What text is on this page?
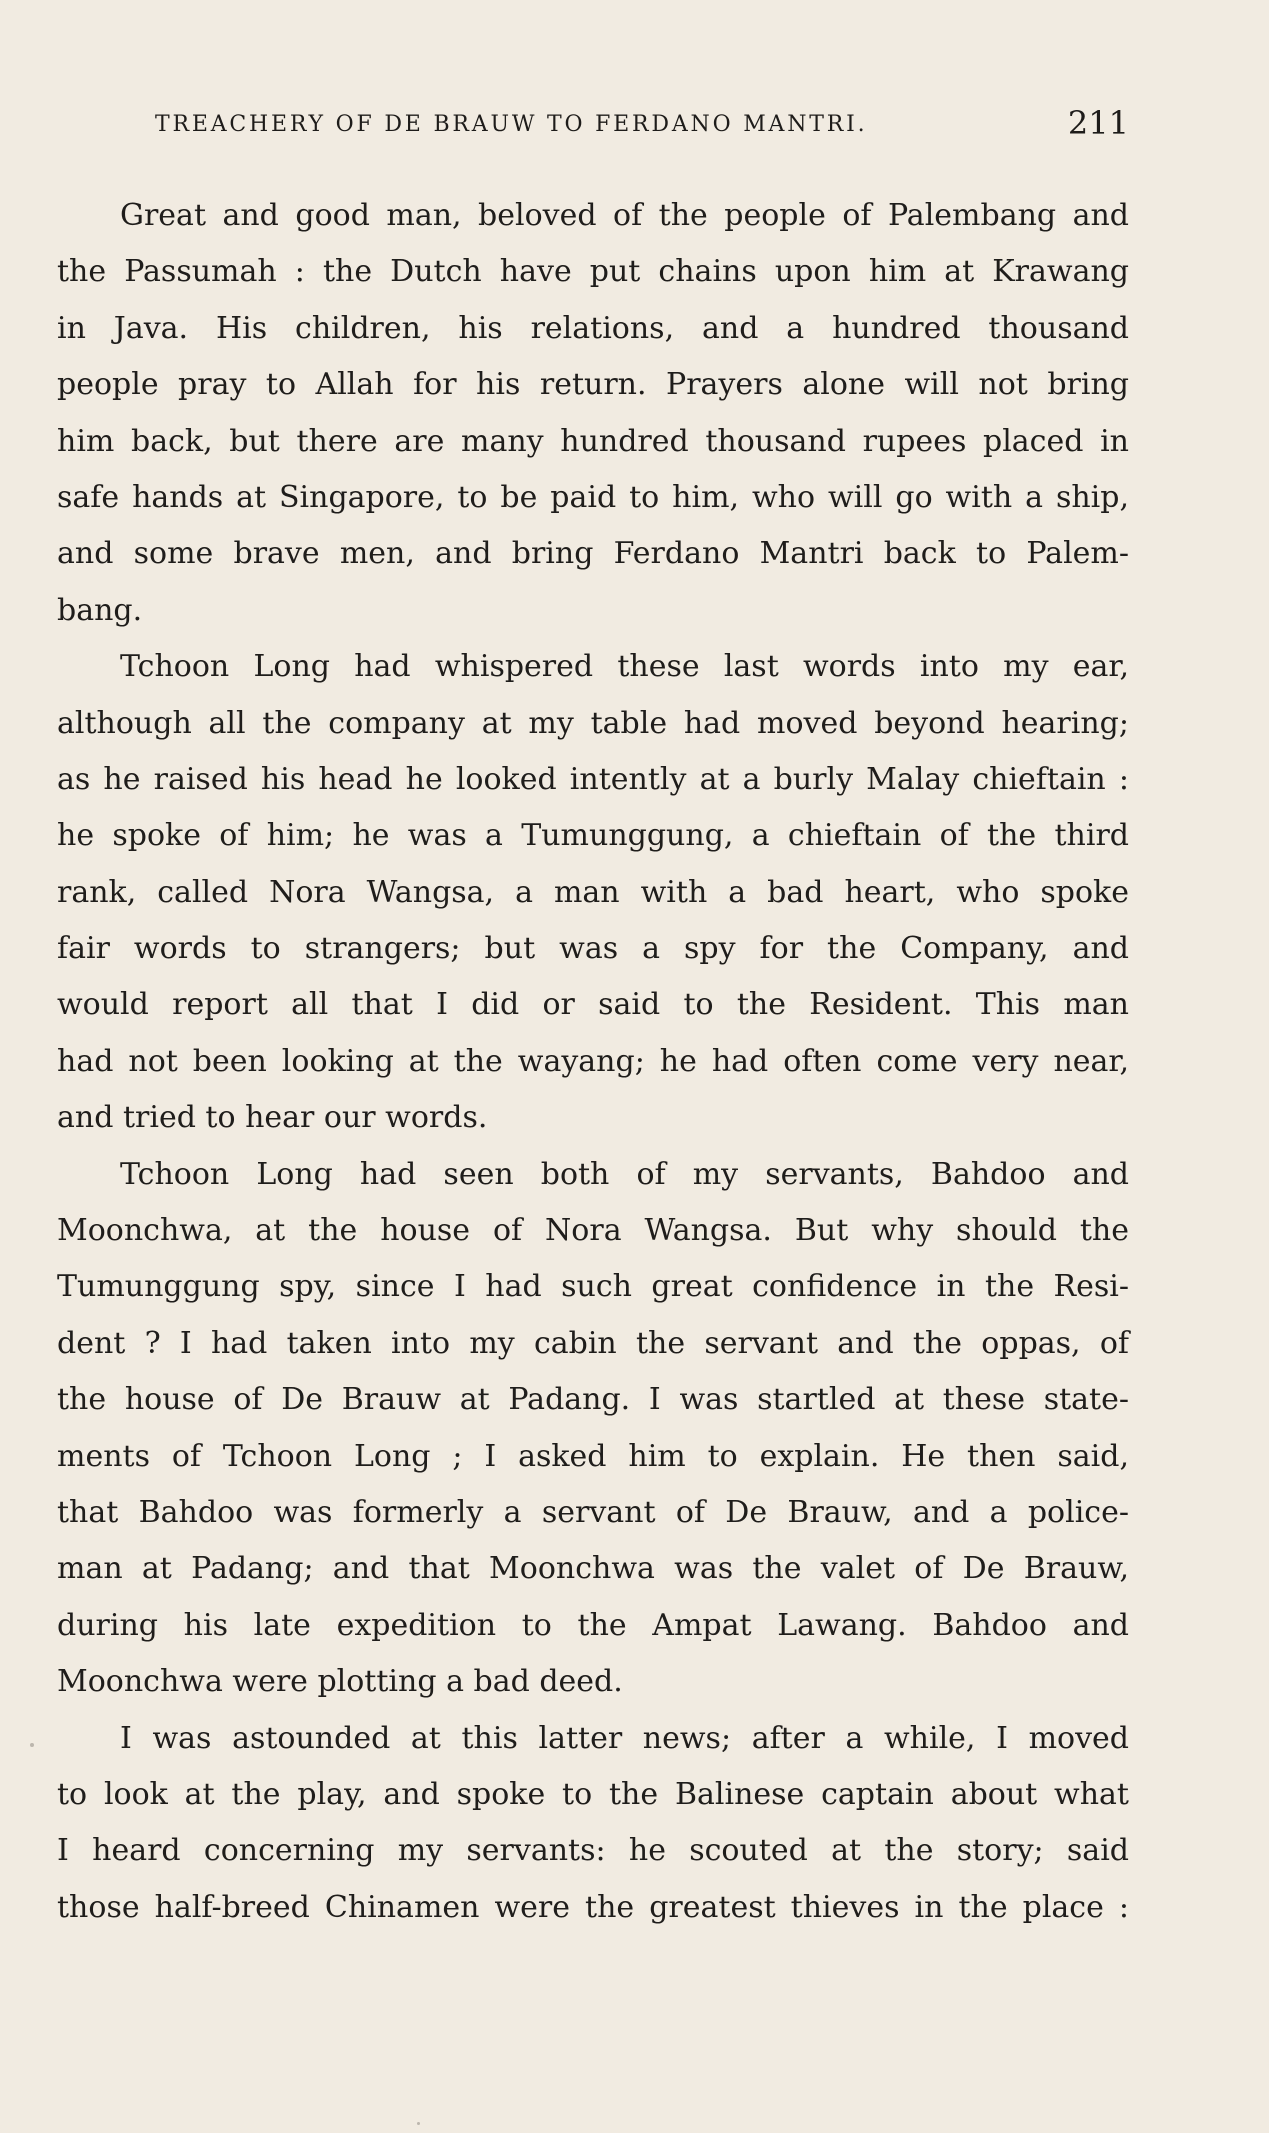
TREACHERY OF DE BRAUW TO FERDANO MANTRI.	211
Great and good man, beloved of the people of Palembang and
the Passumah : the Dutch have put chains upon him at Krawang
in Java. His children, his relations, and a hundred thousand
people pray to Allah for his return. Prayers alone will not bring
him back, but there are many hundred thousand rupees placed in
safe hands at Singapore, to be paid to him, who will go with a ship,
and some brave men, and bring Ferdano Mantri back to Palem-
bang.
Tchoon Long had whispered these last words into my ear,
although all the company at my table had moved beyond hearing;
as he raised his head he looked intently at a burly Malay chieftain :
he spoke of him; he was a Tumunggung, a chieftain of the third
rank, called Nora Wangsa, a man with a bad heart, who spoke
fair words to strangers; but was a spy for the Company, and
would report all that I did or said to the Resident. This man
had not been looking at the wayang; he had often come very near,
and tried to hear our words.
Tchoon Long had seen both of my servants, Bahdoo and
Moonchwa, at the house of Nora Wangsa. But why should the
Tumunggung spy, since I had such great confidence in the Resi-
dent ? I had taken into my cabin the servant and the oppas, of
the house of De Brauw at Padang. I was startled at these state-
ments of Tchoon Long ; I asked him to explain. He then said,
that Bahdoo was formerly a servant of De Brauw, and a police-
man at Padang; and that Moonchwa was the valet of De Brauw,
during his late expedition to the Ampat Lawang. Bahdoo and
Moonchwa were plotting a bad deed.
I was astounded at this latter news; after a while, I moved
to look at the play, and spoke to the Balinese captain about what
I heard concerning my servants: he scouted at the story; said
those half-breed Chinamen were the greatest thieves in the place :
